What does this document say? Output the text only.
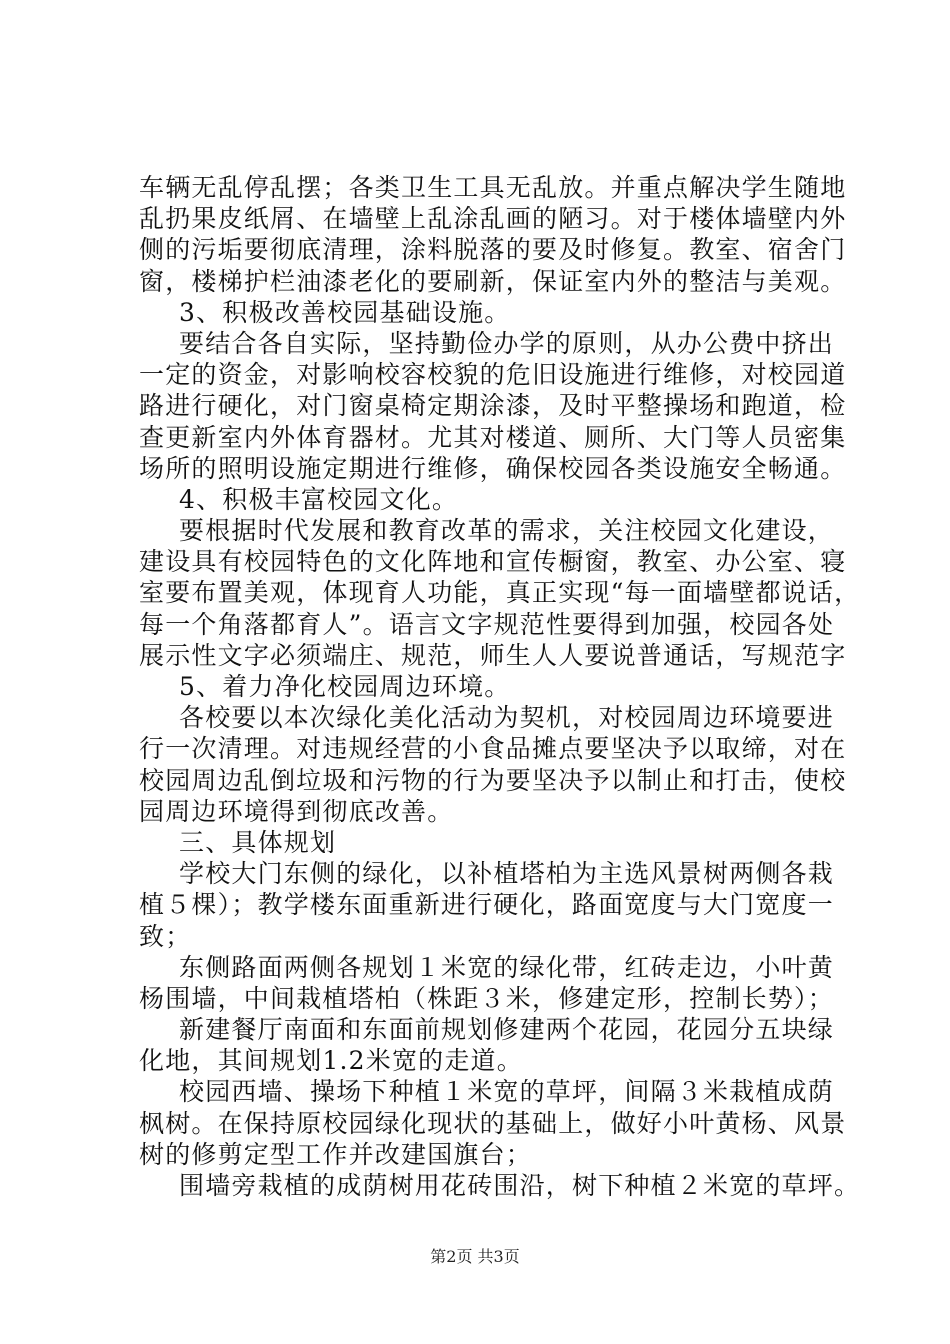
车辆无乱停乱摆；各类卫生工具无乱放。并重点解决学生随地
乱扔果皮纸屑、在墙壁上乱涂乱画的陋习。对于楼体墙壁内外
侧的污垢要彻底清理，涂料脱落的要及时修复。教室、宿舍门
窗，楼梯护栏油漆老化的要刷新，保证室内外的整洁与美观。
3、积极改善校园基础设施。
要结合各自实际，坚持勤俭办学的原则，从办公费中挤出
一定的资金，对影响校容校貌的危旧设施进行维修，对校园道
路进行硬化，对门窗桌椅定期涂漆，及时平整操场和跑道，检
查更新室内外体育器材。尤其对楼道、厕所、大门等人员密集
场所的照明设施定期进行维修，确保校园各类设施安全畅通。
4、积极丰富校园文化。
要根据时代发展和教育改革的需求，关注校园文化建设，
建设具有校园特色的文化阵地和宣传橱窗，教室、办公室、寝
室要布置美观，体现育人功能，真正实现“每一面墙壁都说话，
每一个角落都育人”。语言文字规范性要得到加强，校园各处
展示性文字必须端庄、规范，师生人人要说普通话，写规范字
5、着力净化校园周边环境。
各校要以本次绿化美化活动为契机，对校园周边环境要进
行一次清理。对违规经营的小食品摊点要坚决予以取缔，对在
校园周边乱倒垃圾和污物的行为要坚决予以制止和打击，使校
园周边环境得到彻底改善。
三、具体规划
学校大门东侧的绿化，以补植塔柏为主选风景树两侧各栽
植５棵）；教学楼东面重新进行硬化，路面宽度与大门宽度一
致；
东侧路面两侧各规划１米宽的绿化带，红砖走边，小叶黄
杨围墙，中间栽植塔柏（株距３米，修建定形，控制长势）；
新建餐厅南面和东面前规划修建两个花园，花园分五块绿
化地，其间规划1.2米宽的走道。
校园西墙、操场下种植１米宽的草坪，间隔３米栽植成荫
枫树。在保持原校园绿化现状的基础上，做好小叶黄杨、风景
树的修剪定型工作并改建国旗台；
围墙旁栽植的成荫树用花砖围沿，树下种植２米宽的草坪。
第2页 共3页
